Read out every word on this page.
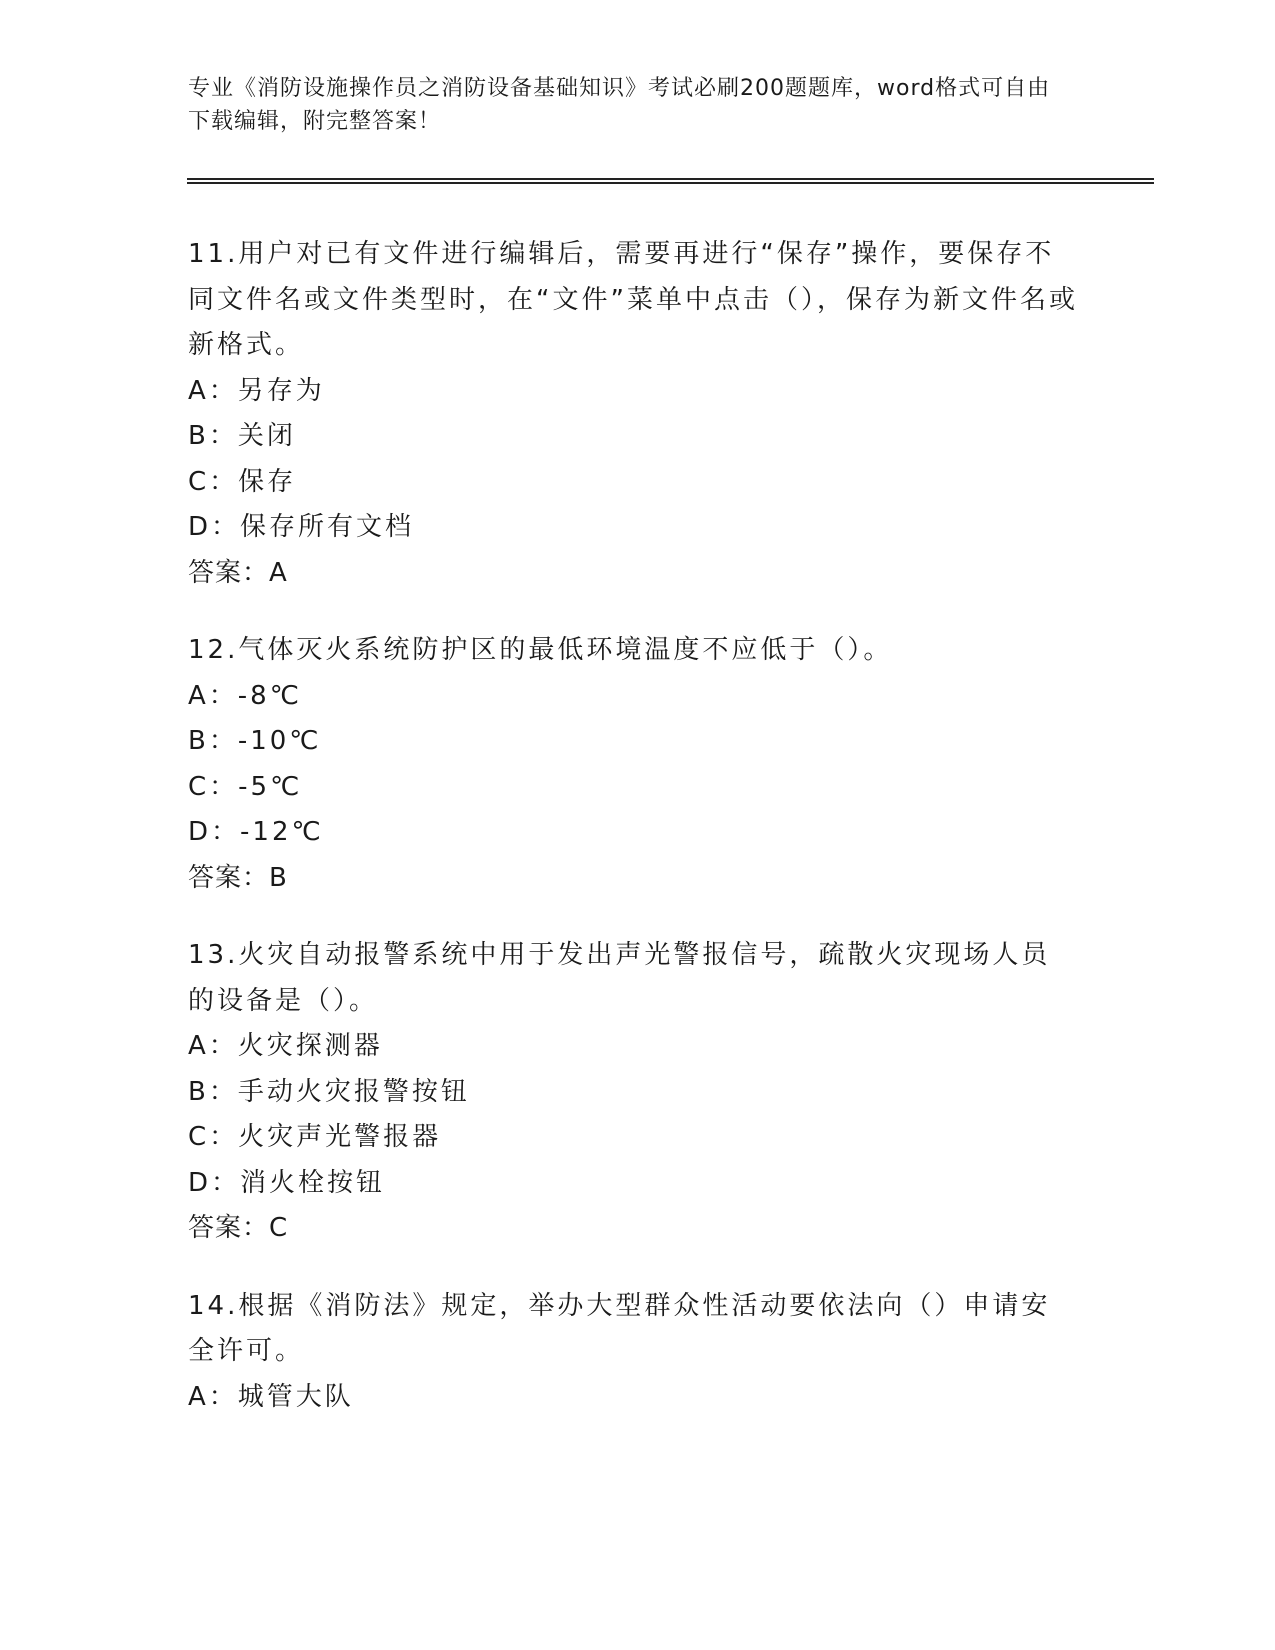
专业《消防设施操作员之消防设备基础知识》考试必刷200题题库，word格式可自由下载编辑，附完整答案！

11.用户对已有文件进行编辑后，需要再进行“保存”操作，要保存不同文件名或文件类型时，在“文件”菜单中点击（），保存为新文件名或新格式。

A：另存为

B：关闭

C：保存

D：保存所有文档

答案：A

12.气体灭火系统防护区的最低环境温度不应低于（）。

A：-8℃

B：-10℃

C：-5℃

D：-12℃

答案：B

13.火灾自动报警系统中用于发出声光警报信号，疏散火灾现场人员的设备是（）。

A：火灾探测器

B：手动火灾报警按钮

C：火灾声光警报器

D：消火栓按钮

答案：C

14.根据《消防法》规定，举办大型群众性活动要依法向（）申请安全许可。

A：城管大队
